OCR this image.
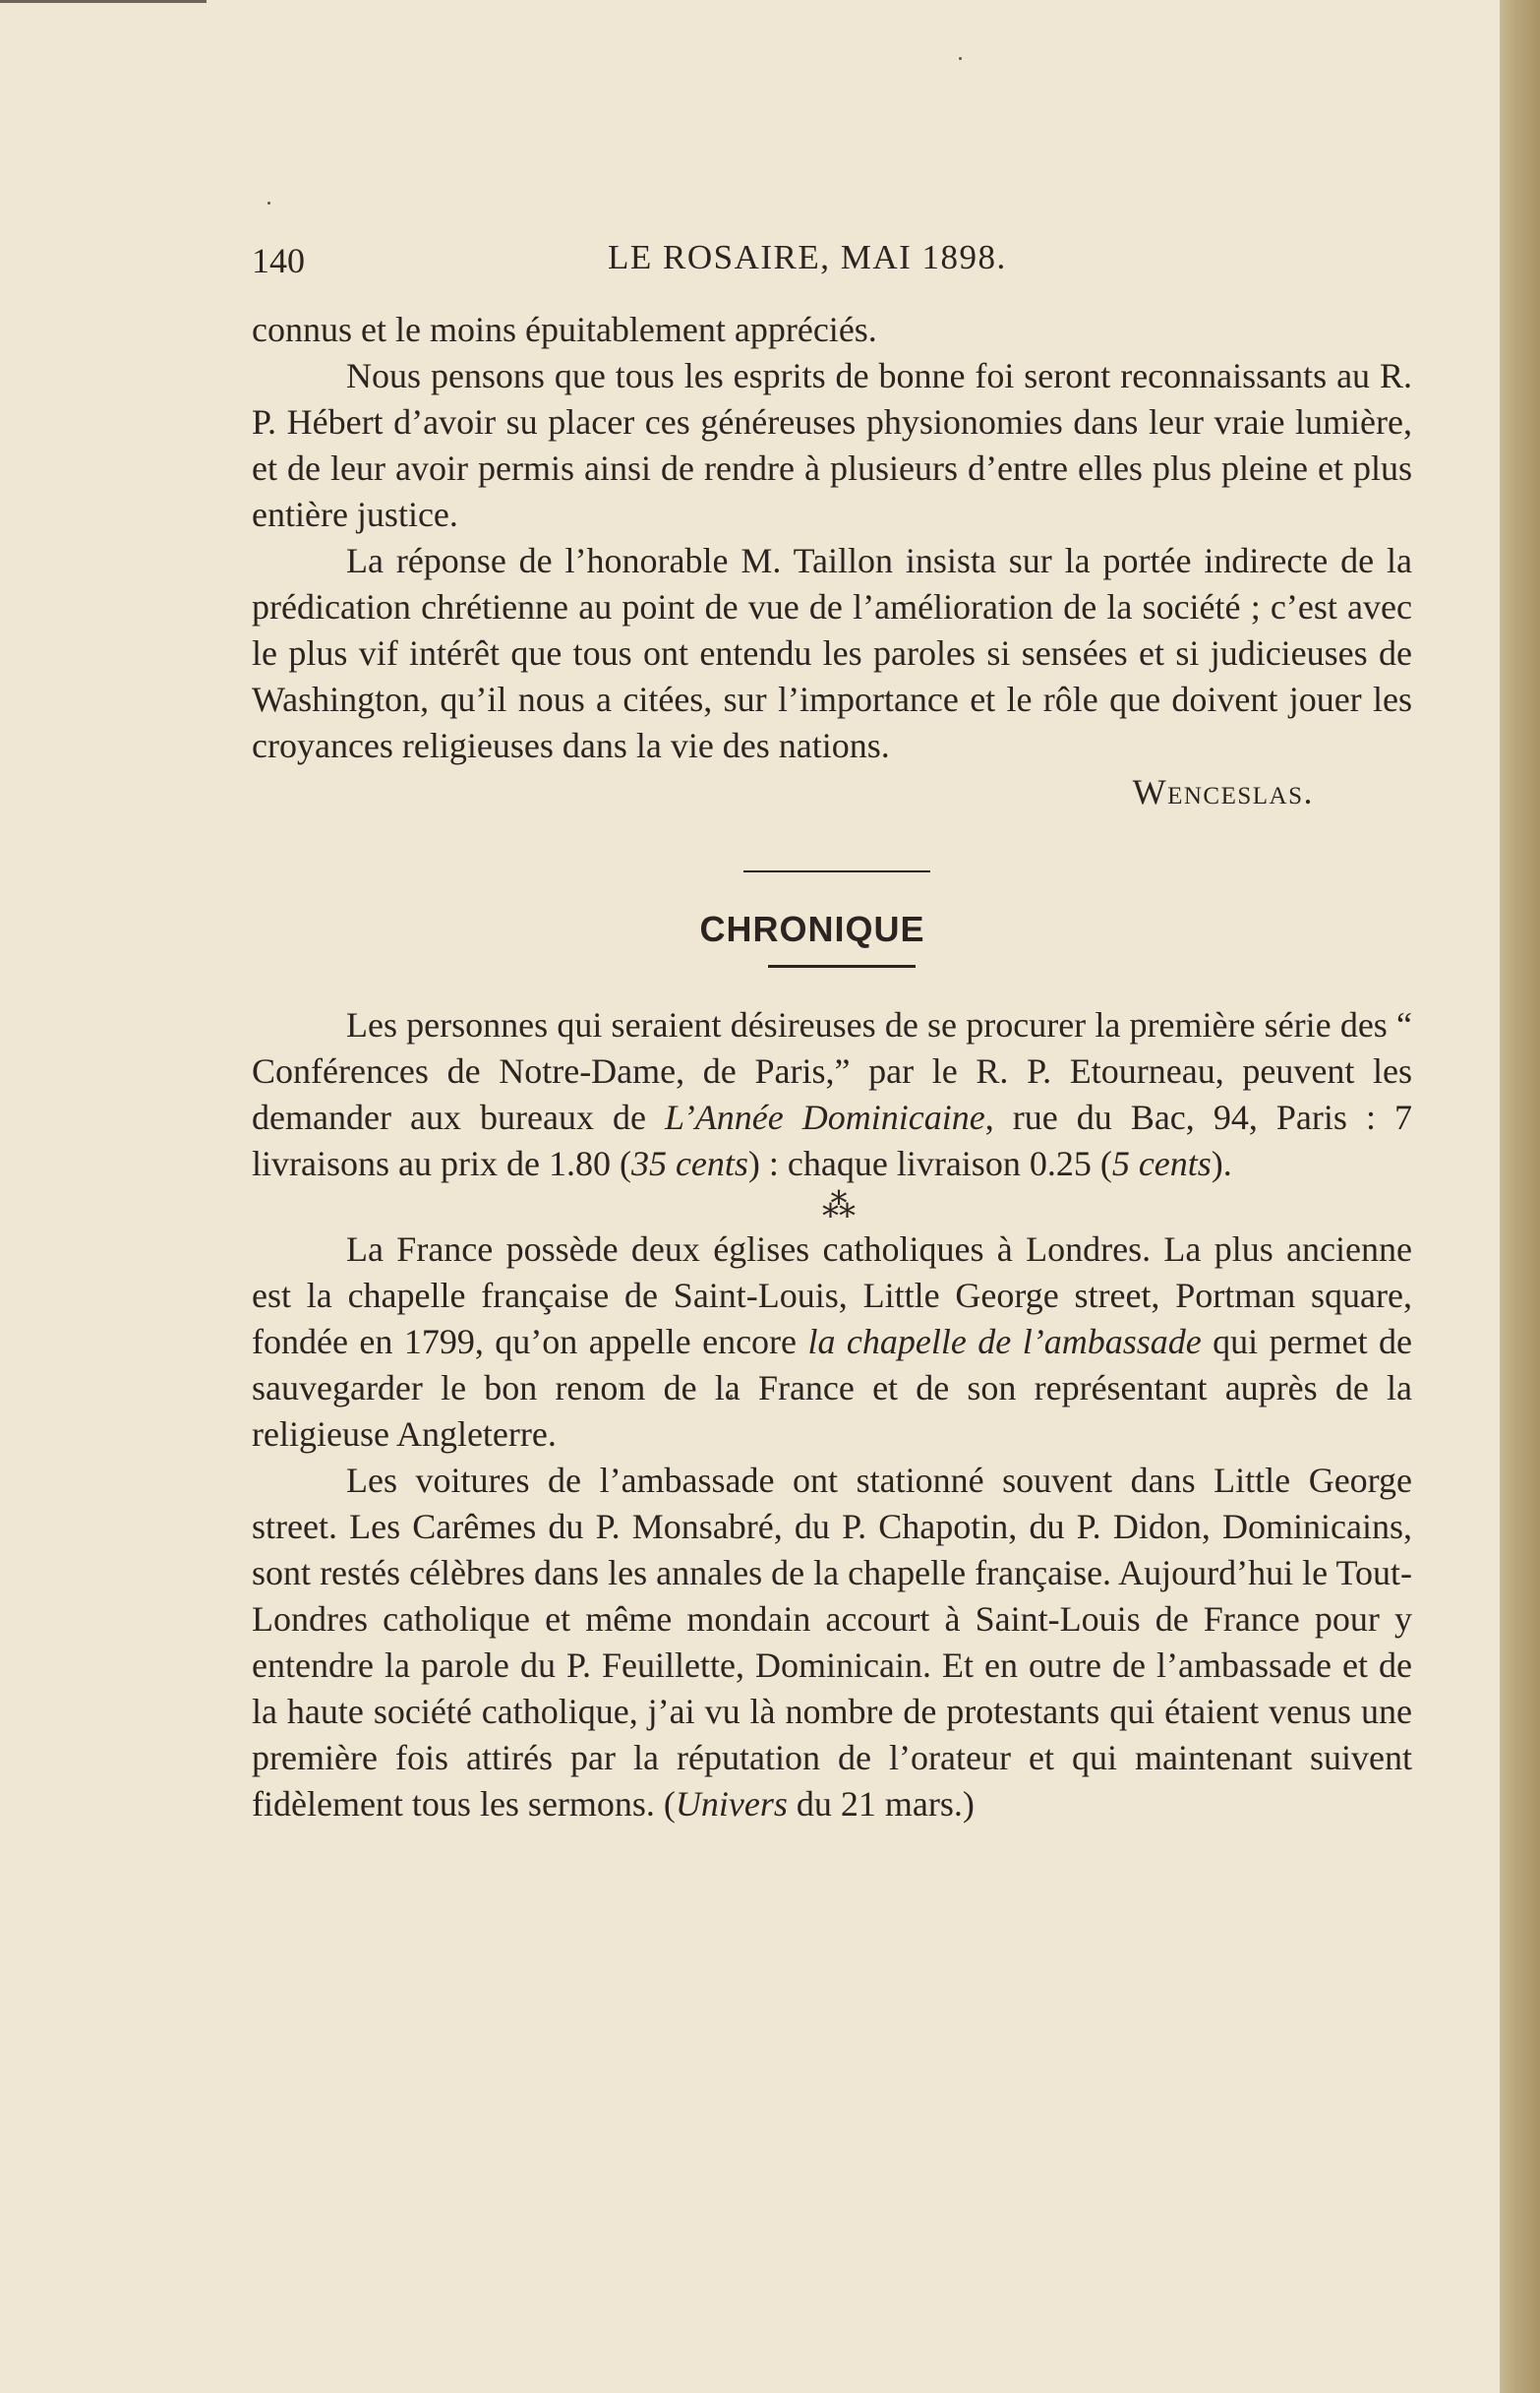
140	LE ROSAIRE, MAI 1898.

connus et le moins épuitablement appréciés.

Nous pensons que tous les esprits de bonne foi seront reconnaissants au R. P. Hébert d’avoir su placer ces généreuses physionomies dans leur vraie lumière, et de leur avoir permis ainsi de rendre à plusieurs d’entre elles plus pleine et plus entière justice.

La réponse de l’honorable M. Taillon insista sur la portée indirecte de la prédication chrétienne au point de vue de l’amélioration de la société ; c’est avec le plus vif intérêt que tous ont entendu les paroles si sensées et si judicieuses de Washington, qu’il nous a citées, sur l’importance et le rôle que doivent jouer les croyances religieuses dans la vie des nations.

Wenceslas.

CHRONIQUE

Les personnes qui seraient désireuses de se procurer la première série des “ Conférences de Notre-Dame, de Paris,” par le R. P. Etourneau, peuvent les demander aux bureaux de L’Année Dominicaine, rue du Bac, 94, Paris : 7 livraisons au prix de 1.80 (35 cents) : chaque livraison 0.25 (5 cents).

⁂

La France possède deux églises catholiques à Londres. La plus ancienne est la chapelle française de Saint-Louis, Little George street, Portman square, fondée en 1799, qu’on appelle encore la chapelle de l’ambassade qui permet de sauvegarder le bon renom de la France et de son représentant auprès de la religieuse Angleterre.

Les voitures de l’ambassade ont stationné souvent dans Little George street. Les Carêmes du P. Monsabré, du P. Chapotin, du P. Didon, Dominicains, sont restés célèbres dans les annales de la chapelle française. Aujourd’hui le Tout-Londres catholique et même mondain accourt à Saint-Louis de France pour y entendre la parole du P. Feuillette, Dominicain. Et en outre de l’ambassade et de la haute société catholique, j’ai vu là nombre de protestants qui étaient venus une première fois attirés par la réputation de l’orateur et qui maintenant suivent fidèlement tous les sermons. (Univers du 21 mars.)
